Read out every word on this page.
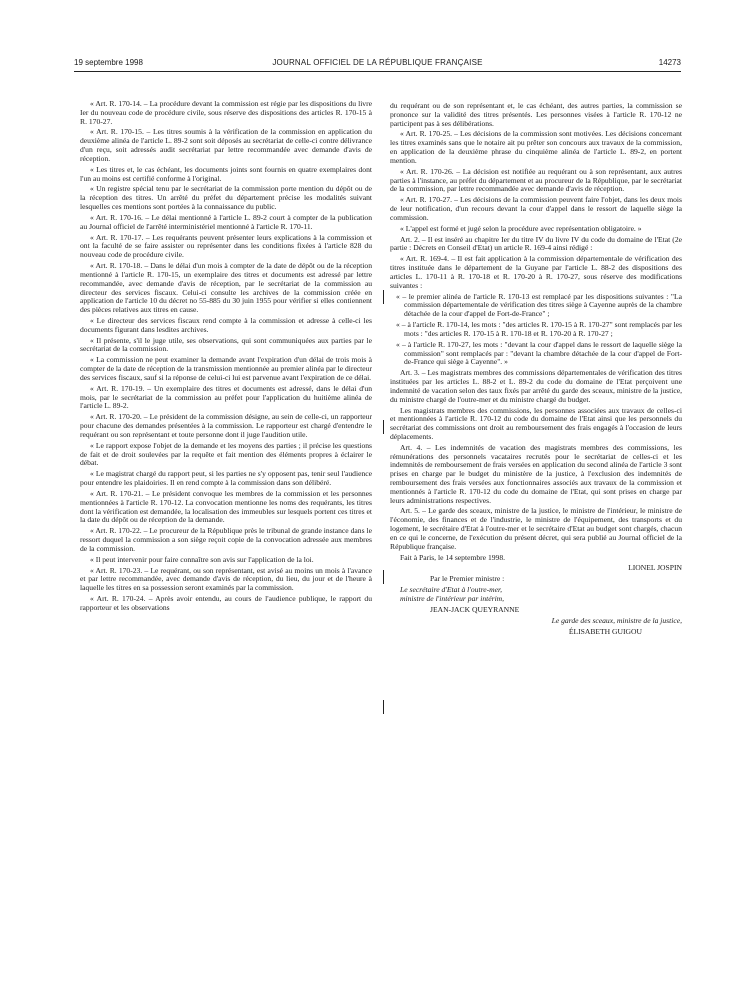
19 septembre 1998	JOURNAL OFFICIEL DE LA RÉPUBLIQUE FRANÇAISE	14273

« Art. R. 170-14. – La procédure devant la commission est régie par les dispositions du livre Ier du nouveau code de procédure civile, sous réserve des dispositions des articles R. 170-15 à R. 170-27.

« Art. R. 170-15. – Les titres soumis à la vérification de la commission en application du deuxième alinéa de l'article L. 89-2 sont soit déposés au secrétariat de celle-ci contre délivrance d'un reçu, soit adressés audit secrétariat par lettre recommandée avec demande d'avis de réception.

« Les titres et, le cas échéant, les documents joints sont fournis en quatre exemplaires dont l'un au moins est certifié conforme à l'original.

« Un registre spécial tenu par le secrétariat de la commission porte mention du dépôt ou de la réception des titres. Un arrêté du préfet du département précise les modalités suivant lesquelles ces mentions sont portées à la connaissance du public.

« Art. R. 170-16. – Le délai mentionné à l'article L. 89-2 court à compter de la publication au Journal officiel de l'arrêté interministériel mentionné à l'article R. 170-11.

« Art. R. 170-17. – Les requérants peuvent présenter leurs explications à la commission et ont la faculté de se faire assister ou représenter dans les conditions fixées à l'article 828 du nouveau code de procédure civile.

« Art. R. 170-18. – Dans le délai d'un mois à compter de la date de dépôt ou de la réception mentionné à l'article R. 170-15, un exemplaire des titres et documents est adressé par lettre recommandée, avec demande d'avis de réception, par le secrétariat de la commission au directeur des services fiscaux. Celui-ci consulte les archives de la commission créée en application de l'article 10 du décret no 55-885 du 30 juin 1955 pour vérifier si elles contiennent des pièces relatives aux titres en cause.

« Le directeur des services fiscaux rend compte à la commission et adresse à celle-ci les documents figurant dans lesdites archives.

« Il présente, s'il le juge utile, ses observations, qui sont communiquées aux parties par le secrétariat de la commission.

« La commission ne peut examiner la demande avant l'expiration d'un délai de trois mois à compter de la date de réception de la transmission mentionnée au premier alinéa par le directeur des services fiscaux, sauf si la réponse de celui-ci lui est parvenue avant l'expiration de ce délai.

« Art. R. 170-19. – Un exemplaire des titres et documents est adressé, dans le délai d'un mois, par le secrétariat de la commission au préfet pour l'application du huitième alinéa de l'article L. 89-2.

« Art. R. 170-20. – Le président de la commission désigne, au sein de celle-ci, un rapporteur pour chacune des demandes présentées à la commission. Le rapporteur est chargé d'entendre le requérant ou son représentant et toute personne dont il juge l'audition utile.

« Le rapport expose l'objet de la demande et les moyens des parties ; il précise les questions de fait et de droit soulevées par la requête et fait mention des éléments propres à éclairer le débat.

« Le magistrat chargé du rapport peut, si les parties ne s'y opposent pas, tenir seul l'audience pour entendre les plaidoiries. Il en rend compte à la commission dans son délibéré.

« Art. R. 170-21. – Le président convoque les membres de la commission et les personnes mentionnées à l'article R. 170-12. La convocation mentionne les noms des requérants, les titres dont la vérification est demandée, la localisation des immeubles sur lesquels portent ces titres et la date du dépôt ou de réception de la demande.

« Art. R. 170-22. – Le procureur de la République près le tribunal de grande instance dans le ressort duquel la commission a son siège reçoit copie de la convocation adressée aux membres de la commission.

« Il peut intervenir pour faire connaître son avis sur l'application de la loi.

« Art. R. 170-23. – Le requérant, ou son représentant, est avisé au moins un mois à l'avance et par lettre recommandée, avec demande d'avis de réception, du lieu, du jour et de l'heure à laquelle les titres en sa possession seront examinés par la commission.

« Art. R. 170-24. – Après avoir entendu, au cours de l'audience publique, le rapport du rapporteur et les observations

du requérant ou de son représentant et, le cas échéant, des autres parties, la commission se prononce sur la validité des titres présentés. Les personnes visées à l'article R. 170-12 ne participent pas à ses délibérations.

« Art. R. 170-25. – Les décisions de la commission sont motivées. Les décisions concernant les titres examinés sans que le notaire ait pu prêter son concours aux travaux de la commission, en application de la deuxième phrase du cinquième alinéa de l'article L. 89-2, en portent mention.

« Art. R. 170-26. – La décision est notifiée au requérant ou à son représentant, aux autres parties à l'instance, au préfet du département et au procureur de la République, par le secrétariat de la commission, par lettre recommandée avec demande d'avis de réception.

« Art. R. 170-27. – Les décisions de la commission peuvent faire l'objet, dans les deux mois de leur notification, d'un recours devant la cour d'appel dans le ressort de laquelle siège la commission.

« L'appel est formé et jugé selon la procédure avec représentation obligatoire. »

Art. 2. – Il est inséré au chapitre Ier du titre IV du livre IV du code du domaine de l'Etat (2e partie : Décrets en Conseil d'Etat) un article R. 169-4 ainsi rédigé :

« Art. R. 169-4. – Il est fait application à la commission départementale de vérification des titres instituée dans le département de la Guyane par l'article L. 88-2 des dispositions des articles L. 170-11 à R. 170-18 et R. 170-20 à R. 170-27, sous réserve des modifications suivantes :

« – le premier alinéa de l'article R. 170-13 est remplacé par les dispositions suivantes : "La commission départementale de vérification des titres siège à Cayenne auprès de la chambre détachée de la cour d'appel de Fort-de-France" ;

« – à l'article R. 170-14, les mots : "des articles R. 170-15 à R. 170-27" sont remplacés par les mots : "des articles R. 170-15 à R. 170-18 et R. 170-20 à R. 170-27 ;

« – à l'article R. 170-27, les mots : "devant la cour d'appel dans le ressort de laquelle siège la commission" sont remplacés par : "devant la chambre détachée de la cour d'appel de Fort-de-France qui siège à Cayenne". »

Art. 3. – Les magistrats membres des commissions départementales de vérification des titres instituées par les articles L. 88-2 et L. 89-2 du code du domaine de l'Etat perçoivent une indemnité de vacation selon des taux fixés par arrêté du garde des sceaux, ministre de la justice, du ministre chargé de l'outre-mer et du ministre chargé du budget.

Les magistrats membres des commissions, les personnes associées aux travaux de celles-ci et mentionnées à l'article R. 170-12 du code du domaine de l'Etat ainsi que les personnels du secrétariat des commissions ont droit au remboursement des frais engagés à l'occasion de leurs déplacements.

Art. 4. – Les indemnités de vacation des magistrats membres des commissions, les rémunérations des personnels vacataires recrutés pour le secrétariat de celles-ci et les indemnités de remboursement de frais versées en application du second alinéa de l'article 3 sont prises en charge par le budget du ministère de la justice, à l'exclusion des indemnités de remboursement des frais versées aux fonctionnaires associés aux travaux de la commission et mentionnés à l'article R. 170-12 du code du domaine de l'Etat, qui sont prises en charge par leurs administrations respectives.

Art. 5. – Le garde des sceaux, ministre de la justice, le ministre de l'intérieur, le ministre de l'économie, des finances et de l'industrie, le ministre de l'équipement, des transports et du logement, le secrétaire d'Etat à l'outre-mer et le secrétaire d'Etat au budget sont chargés, chacun en ce qui le concerne, de l'exécution du présent décret, qui sera publié au Journal officiel de la République française.

Fait à Paris, le 14 septembre 1998.

LIONEL JOSPIN

Par le Premier ministre :

Le secrétaire d'Etat à l'outre-mer,

ministre de l'intérieur par intérim,

JEAN-JACK QUEYRANNE

Le garde des sceaux, ministre de la justice,

ÉLISABETH GUIGOU
